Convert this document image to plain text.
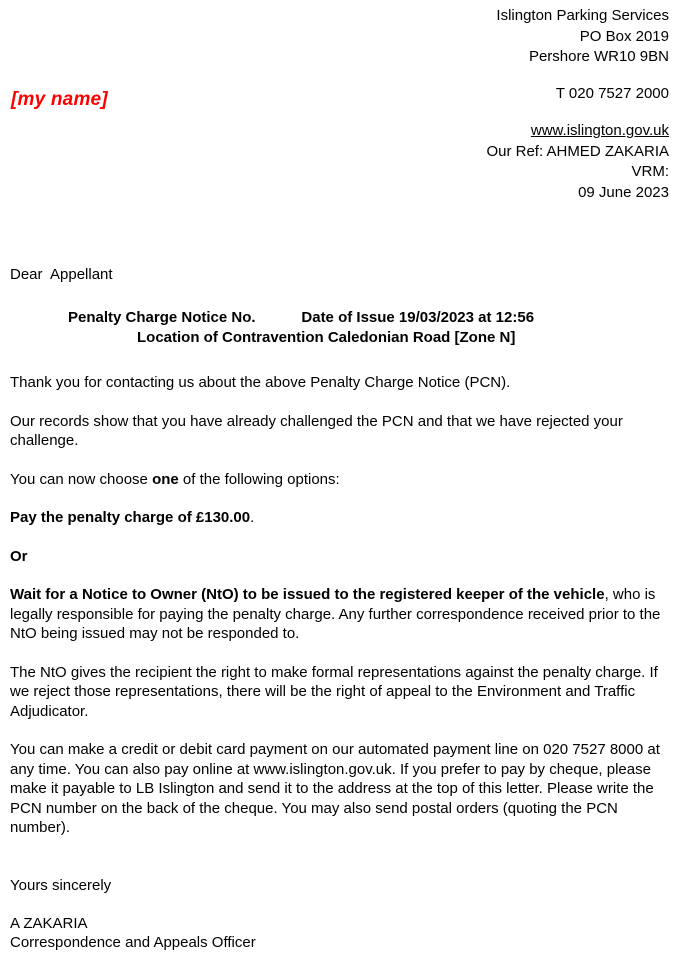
Islington Parking Services
PO Box 2019
Pershore WR10 9BN
T 020 7527 2000
www.islington.gov.uk
Our Ref: AHMED ZAKARIA
VRM:
09 June 2023
[my name]

Dear  Appellant

Penalty Charge Notice No.			Date of Issue 19/03/2023 at 12:56
Location of Contravention Caledonian Road [Zone N]

Thank you for contacting us about the above Penalty Charge Notice (PCN).

Our records show that you have already challenged the PCN and that we have rejected your challenge.

You can now choose one of the following options:

Pay the penalty charge of £130.00.

Or

Wait for a Notice to Owner (NtO) to be issued to the registered keeper of the vehicle, who is legally responsible for paying the penalty charge. Any further correspondence received prior to the NtO being issued may not be responded to.

The NtO gives the recipient the right to make formal representations against the penalty charge. If we reject those representations, there will be the right of appeal to the Environment and Traffic Adjudicator.

You can make a credit or debit card payment on our automated payment line on 020 7527 8000 at any time. You can also pay online at www.islington.gov.uk. If you prefer to pay by cheque, please make it payable to LB Islington and send it to the address at the top of this letter. Please write the PCN number on the back of the cheque. You may also send postal orders (quoting the PCN number).

Yours sincerely

A ZAKARIA

Correspondence and Appeals Officer
